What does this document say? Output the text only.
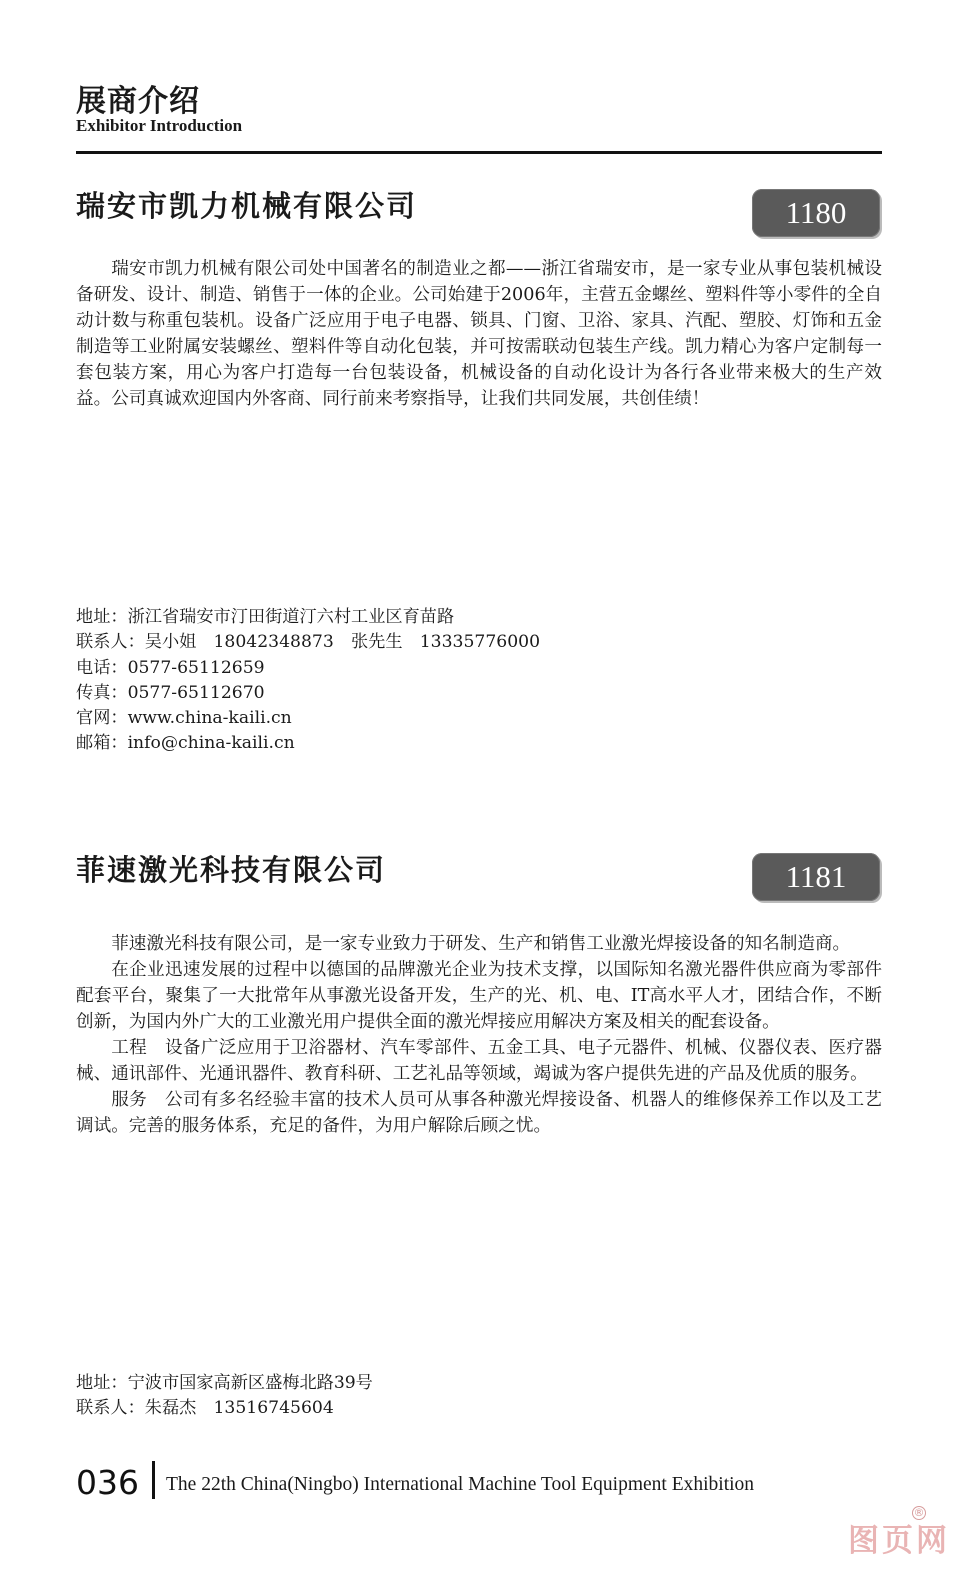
展商介绍
Exhibitor Introduction
瑞安市凯力机械有限公司	1180

瑞安市凯力机械有限公司处中国著名的制造业之都——浙江省瑞安市，是一家专业从事包装机械设备研发、设计、制造、销售于一体的企业。公司始建于2006年，主营五金螺丝、塑料件等小零件的全自动计数与称重包装机。设备广泛应用于电子电器、锁具、门窗、卫浴、家具、汽配、塑胶、灯饰和五金制造等工业附属安装螺丝、塑料件等自动化包装，并可按需联动包装生产线。凯力精心为客户定制每一套包装方案，用心为客户打造每一台包装设备，机械设备的自动化设计为各行各业带来极大的生产效益。公司真诚欢迎国内外客商、同行前来考察指导，让我们共同发展，共创佳绩！

地址：浙江省瑞安市汀田街道汀六村工业区育苗路
联系人：吴小姐　18042348873　张先生　13335776000
电话：0577-65112659
传真：0577-65112670
官网：www.china-kaili.cn
邮箱：info@china-kaili.cn
菲速激光科技有限公司	1181

菲速激光科技有限公司，是一家专业致力于研发、生产和销售工业激光焊接设备的知名制造商。

在企业迅速发展的过程中以德国的品牌激光企业为技术支撑，以国际知名激光器件供应商为零部件配套平台，聚集了一大批常年从事激光设备开发，生产的光、机、电、IT高水平人才，团结合作，不断创新，为国内外广大的工业激光用户提供全面的激光焊接应用解决方案及相关的配套设备。

工程　设备广泛应用于卫浴器材、汽车零部件、五金工具、电子元器件、机械、仪器仪表、医疗器械、通讯部件、光通讯器件、教育科研、工艺礼品等领域，竭诚为客户提供先进的产品及优质的服务。

服务　公司有多名经验丰富的技术人员可从事各种激光焊接设备、机器人的维修保养工作以及工艺调试。完善的服务体系，充足的备件，为用户解除后顾之忧。

地址：宁波市国家高新区盛梅北路39号
联系人：朱磊杰　13516745604
036 The 22th China(Ningbo) International Machine Tool Equipment Exhibition
图页网
®
